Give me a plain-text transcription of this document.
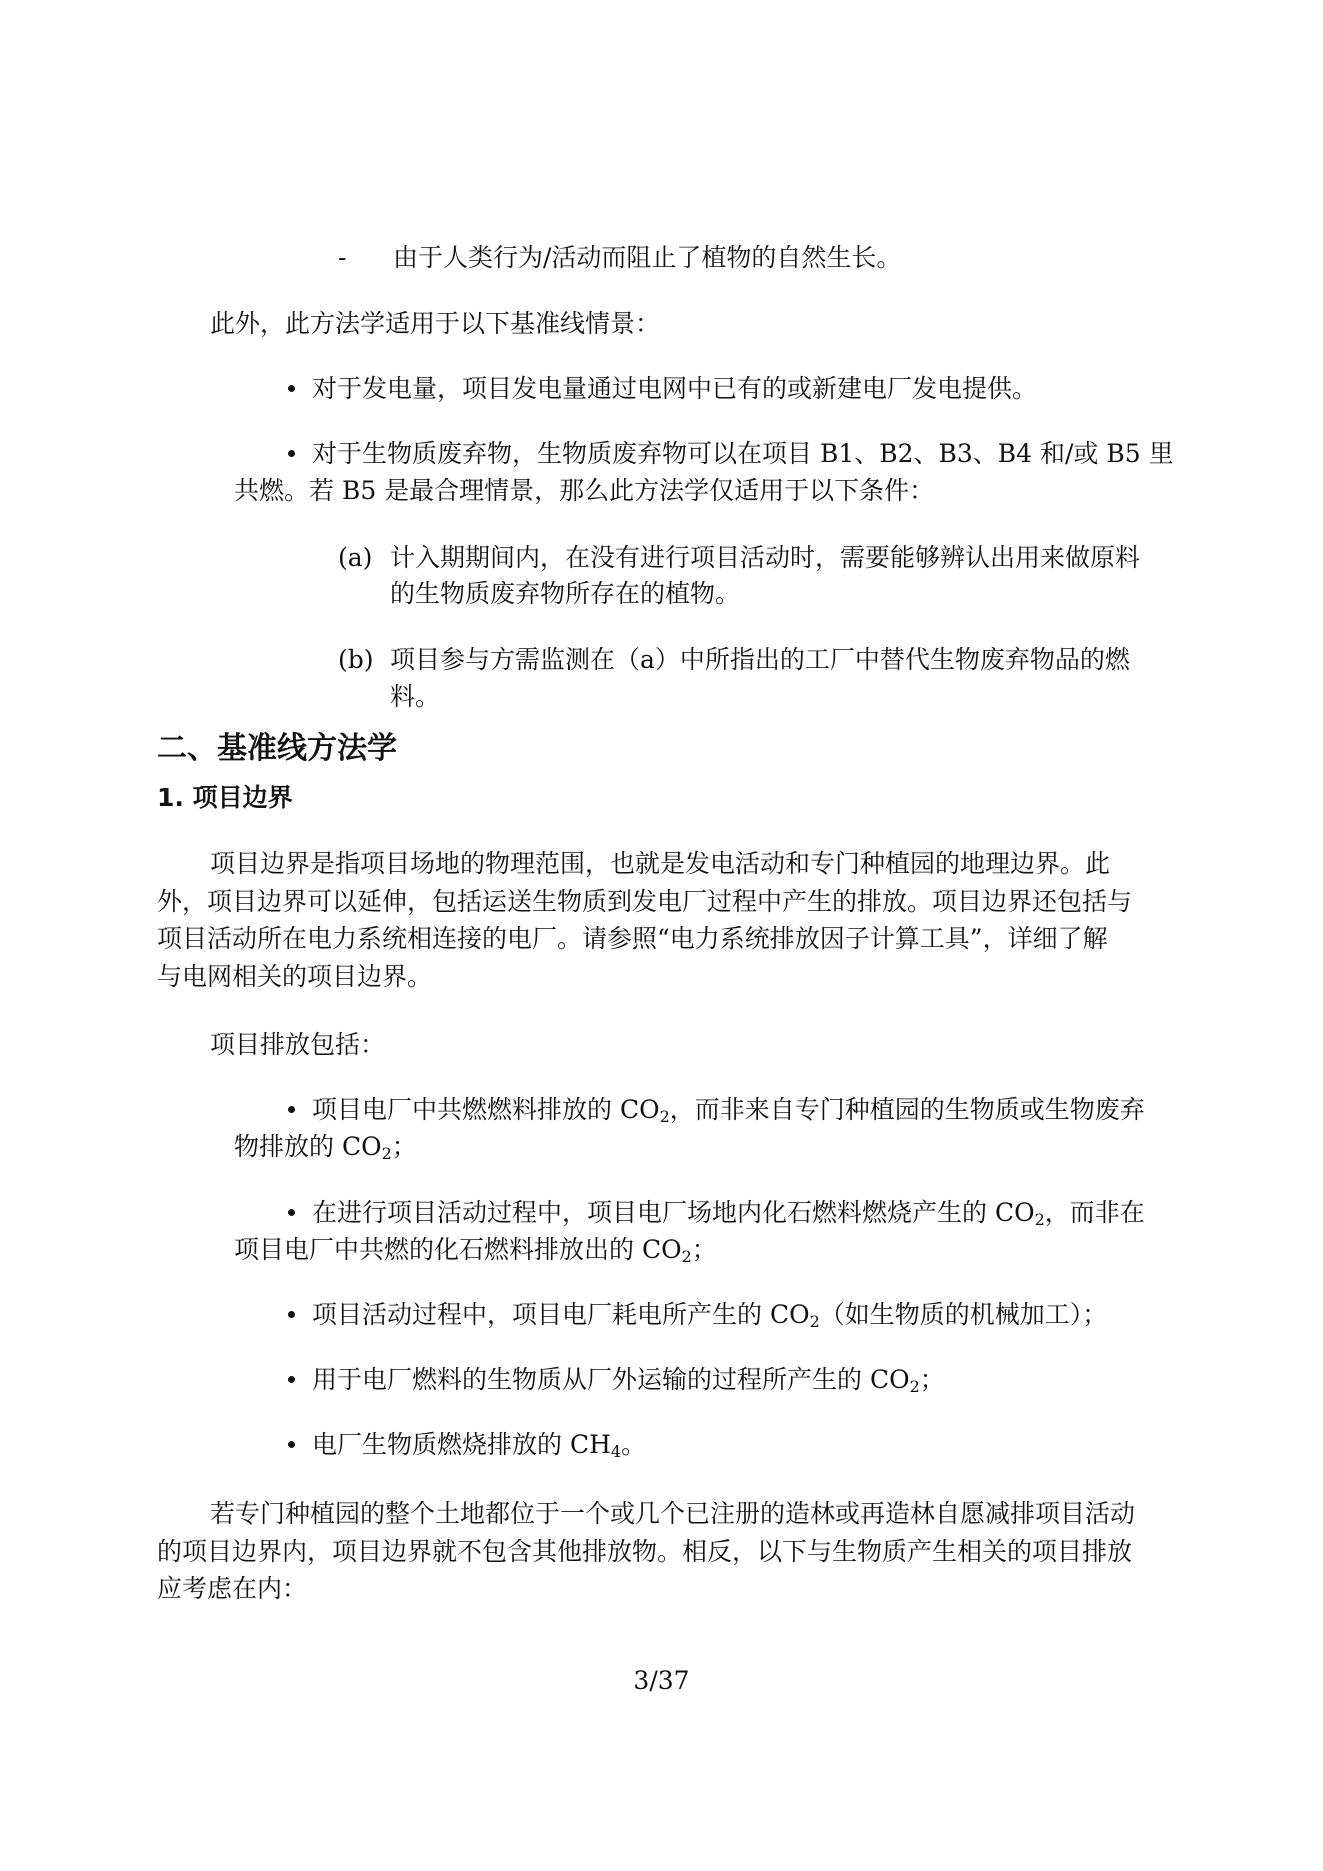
- 由于人类行为/活动而阻止了植物的自然生长。

此外，此方法学适用于以下基准线情景：

对于发电量，项目发电量通过电网中已有的或新建电厂发电提供。

对于生物质废弃物，生物质废弃物可以在项目 B1、B2、B3、B4 和/或 B5 里

共燃。若 B5 是最合理情景，那么此方法学仅适用于以下条件：

(a) 计入期期间内，在没有进行项目活动时，需要能够辨认出用来做原料

的生物质废弃物所存在的植物。

(b) 项目参与方需监测在（a）中所指出的工厂中替代生物废弃物品的燃

料。

二、基准线方法学
1. 项目边界

项目边界是指项目场地的物理范围，也就是发电活动和专门种植园的地理边界。此

外，项目边界可以延伸，包括运送生物质到发电厂过程中产生的排放。项目边界还包括与

项目活动所在电力系统相连接的电厂。请参照“电力系统排放因子计算工具”，详细了解

与电网相关的项目边界。

项目排放包括：

项目电厂中共燃燃料排放的 $CO_2$，而非来自专门种植园的生物质或生物废弃

物排放的 $CO_2$；

在进行项目活动过程中，项目电厂场地内化石燃料燃烧产生的 $CO_2$，而非在

项目电厂中共燃的化石燃料排放出的 $CO_2$；

项目活动过程中，项目电厂耗电所产生的 $CO_2$（如生物质的机械加工）；

用于电厂燃料的生物质从厂外运输的过程所产生的 $CO_2$；

电厂生物质燃烧排放的 $CH_4$。

若专门种植园的整个土地都位于一个或几个已注册的造林或再造林自愿减排项目活动

的项目边界内，项目边界就不包含其他排放物。相反，以下与生物质产生相关的项目排放

应考虑在内：

3/37
